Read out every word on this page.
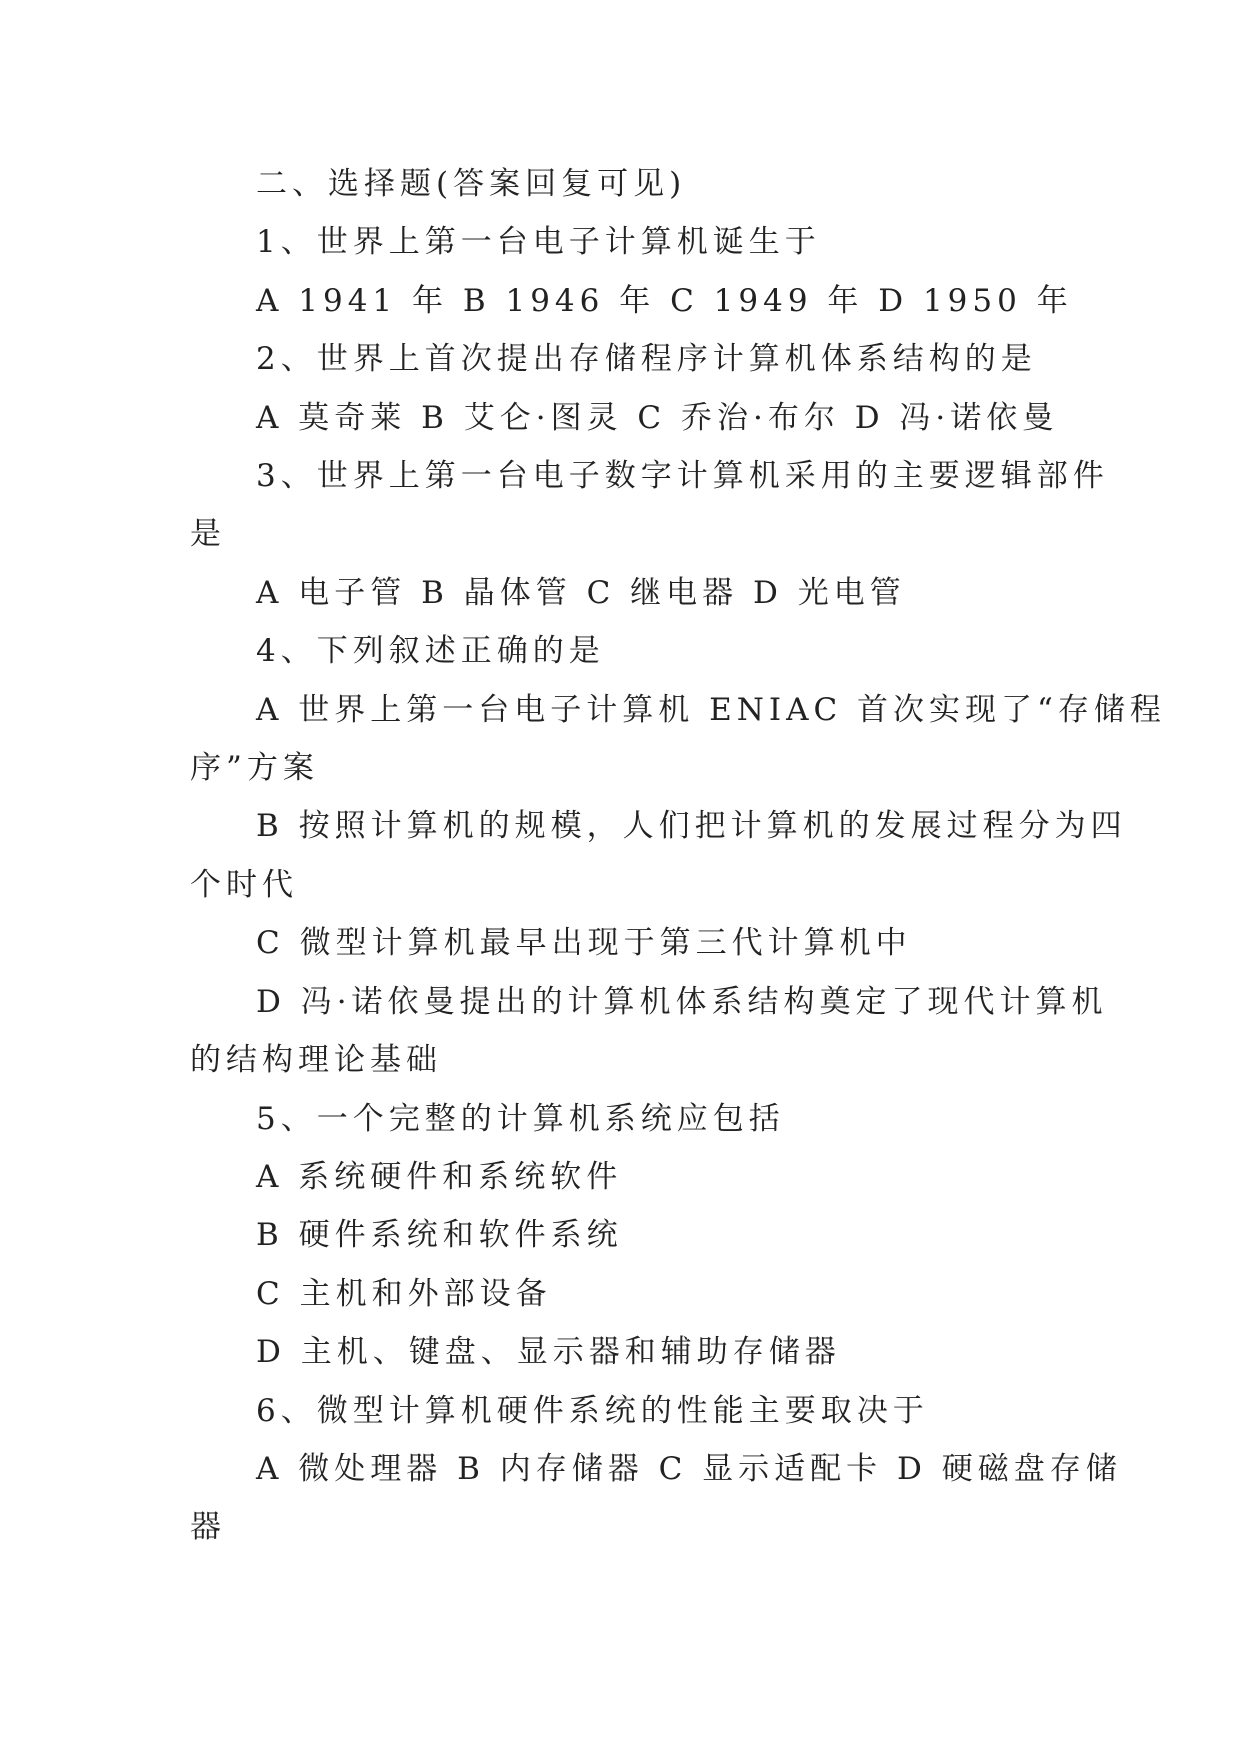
二、选择题(答案回复可见)
1、世界上第一台电子计算机诞生于
A 1941 年 B 1946 年 C 1949 年 D 1950 年
2、世界上首次提出存储程序计算机体系结构的是
A 莫奇莱 B 艾仑·图灵 C 乔治·布尔 D 冯·诺依曼
3、世界上第一台电子数字计算机采用的主要逻辑部件
是
A 电子管 B 晶体管 C 继电器 D 光电管
4、下列叙述正确的是
A 世界上第一台电子计算机 ENIAC 首次实现了“存储程
序”方案
B 按照计算机的规模，人们把计算机的发展过程分为四
个时代
C 微型计算机最早出现于第三代计算机中
D 冯·诺依曼提出的计算机体系结构奠定了现代计算机
的结构理论基础
5、一个完整的计算机系统应包括
A 系统硬件和系统软件
B 硬件系统和软件系统
C 主机和外部设备
D 主机、键盘、显示器和辅助存储器
6、微型计算机硬件系统的性能主要取决于
A 微处理器 B 内存储器 C 显示适配卡 D 硬磁盘存储
器
